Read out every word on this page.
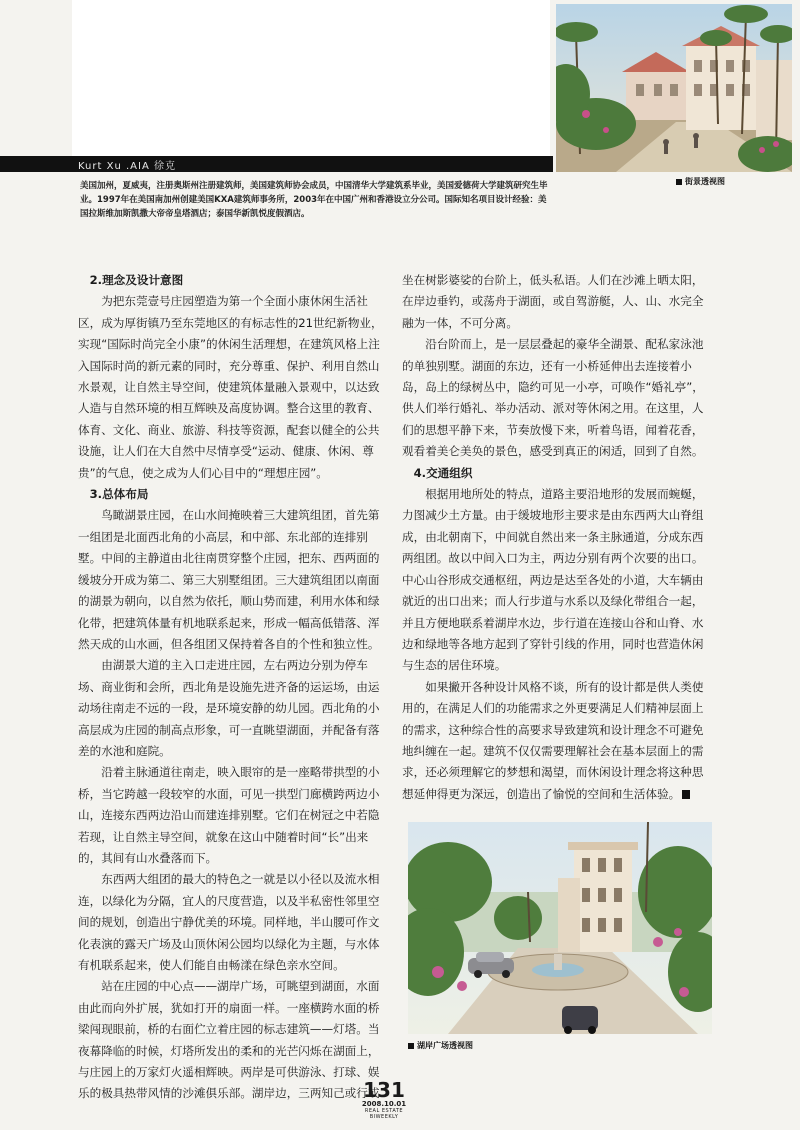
Kurt Xu .AIA 徐克
美国加州，夏威夷，注册奥斯州注册建筑师，美国建筑师协会成员，中国清华大学建筑系毕业，美国爱德荷大学建筑研究生毕业。1997年在美国南加州创建美国KXA建筑师事务所，2003年在中国广州和香港设立分公司。国际知名项目设计经验：美国拉斯维加斯凯撒大帝帝皇塔酒店；泰国华新凯悦度假酒店。
街景透视图
2.理念及设计意图

为把东莞壹号庄园塑造为第一个全面小康休闲生活社区，成为厚街镇乃至东莞地区的有标志性的21世纪新物业，实现“国际时尚完全小康”的休闲生活理想，在建筑风格上注入国际时尚的新元素的同时，充分尊重、保护、利用自然山水景观，让自然主导空间，使建筑体量融入景观中，以达致人造与自然环境的相互辉映及高度协调。整合这里的教育、体育、文化、商业、旅游、科技等资源，配套以健全的公共设施，让人们在大自然中尽情享受“运动、健康、休闲、尊贵”的气息，使之成为人们心目中的“理想庄园”。

3.总体布局

鸟瞰湖景庄园，在山水间掩映着三大建筑组团，首先第一组团是北面西北角的小高层，和中部、东北部的连排别墅。中间的主静道由北往南贯穿整个庄园，把东、西两面的缓坡分开成为第二、第三大别墅组团。三大建筑组团以南面的湖景为朝向，以自然为依托，顺山势而建，利用水体和绿化带，把建筑体量有机地联系起来，形成一幅高低错落、浑然天成的山水画，但各组团又保持着各自的个性和独立性。

由湖景大道的主入口走进庄园，左右两边分别为停车场、商业街和会所，西北角是设施先进齐备的运运场，由运动场往南走不远的一段，是环境安静的幼儿园。西北角的小高层成为庄园的制高点形象，可一直眺望湖面，并配备有落差的水池和庭院。

沿着主脉通道往南走，映入眼帘的是一座略带拱型的小桥，当它跨越一段较窄的水面，可见一拱型门廊横跨两边小山，连接东西两边沿山而建连排别墅。它们在树冠之中若隐若现，让自然主导空间，就象在这山中随着时间“长”出来的，其间有山水叠落而下。

东西两大组团的最大的特色之一就是以小径以及流水相连，以绿化为分隔，宜人的尺度营造，以及半私密性邻里空间的规划，创造出宁静优美的环境。同样地，半山腰可作文化表演的露天广场及山顶休闲公园均以绿化为主题，与水体有机联系起来，使人们能自由畅漾在绿色亲水空间。

站在庄园的中心点——湖岸广场，可眺望到湖面，水面由此而向外扩展，犹如打开的扇面一样。一座横跨水面的桥梁闯现眼前，桥的右面伫立着庄园的标志建筑——灯塔。当夜幕降临的时候，灯塔所发出的柔和的光芒闪烁在湖面上，与庄园上的万家灯火遥相辉映。两岸是可供游泳、打球、娱乐的极具热带风情的沙滩俱乐部。湖岸边，三两知己或行或

坐在树影婆娑的台阶上，低头私语。人们在沙滩上晒太阳，在岸边垂钓，或荡舟于湖面，或自驾游艇，人、山、水完全融为一体，不可分离。

沿台阶而上，是一层层叠起的豪华全湖景、配私家泳池的单独别墅。湖面的东边，还有一小桥延伸出去连接着小岛，岛上的绿树丛中，隐约可见一小亭，可唤作“婚礼亭”，供人们举行婚礼、举办活动、派对等休闲之用。在这里，人们的思想平静下来，节奏放慢下来，听着鸟语，闻着花香，观看着美仑美奂的景色，感受到真正的闲适，回到了自然。

4.交通组织

根据用地所处的特点，道路主要沿地形的发展而蜿蜒，力图减少土方量。由于缓坡地形主要求是由东西两大山脊组成，由北朝南下，中间就自然出来一条主脉通道，分成东西两组团。故以中间入口为主，两边分别有两个次要的出口。中心山谷形成交通枢纽，两边是达至各处的小道，大车辆由就近的出口出来；而人行步道与水系以及绿化带组合一起，并且方便地联系着湖岸水边，步行道在连接山谷和山脊、水边和绿地等各地方起到了穿针引线的作用，同时也营造休闲与生态的居住环境。

如果撇开各种设计风格不谈，所有的设计都是供人类使用的，在满足人们的功能需求之外更要满足人们精神层面上的需求，这种综合性的高要求导致建筑和设计理念不可避免地纠缠在一起。建筑不仅仅需要理解社会在基本层面上的需求，还必须理解它的梦想和渴望，而休闲设计理念将这种思想延伸得更为深远，创造出了愉悦的空间和生活体验。

湖岸广场透视图
131
2008.10.01
REAL ESTATE BIWEEKLY
